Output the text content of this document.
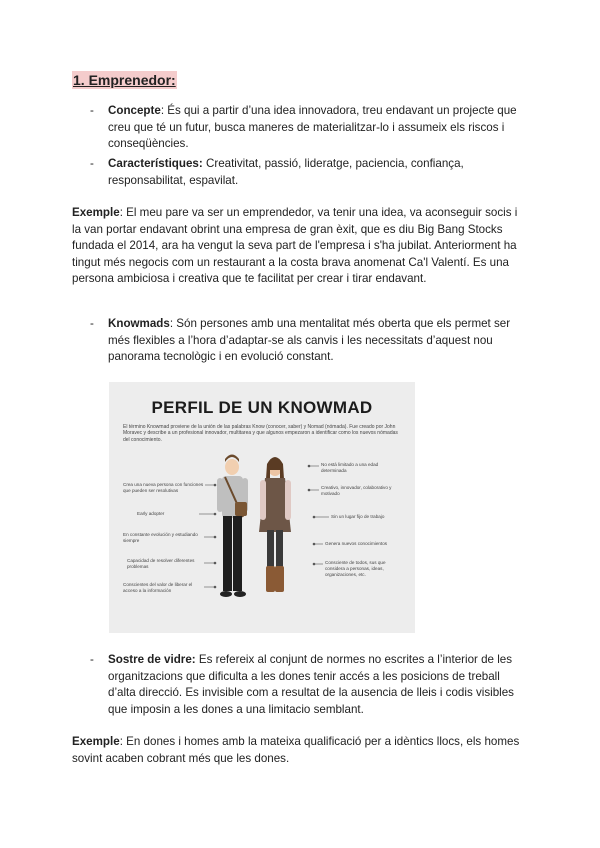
1. Emprenedor:
- Concepte: És qui a partir d’una idea innovadora, treu endavant un projecte que creu que té un futur, busca maneres de materialitzar-lo i assumeix els riscos i conseqüències.
- Característiques: Creativitat, passió, lideratge, paciencia, confiança, responsabilitat, espavilat.
Exemple: El meu pare va ser un emprendedor, va tenir una idea, va aconseguir socis i la van portar endavant obrint una empresa de gran èxit, que es diu Big Bang Stocks fundada el 2014, ara ha vengut la seva part de l'empresa i s'ha jubilat. Anteriorment ha tingut més negocis com un restaurant a la costa brava anomenat Ca'l Valentí. Es una persona ambiciosa i creativa que te facilitat per crear i tirar endavant.
- Knowmads: Són persones amb una mentalitat més oberta que els permet ser més flexibles a l’hora d’adaptar-se als canvis i les necessitats d’aquest nou panorama tecnològic i en evolució constant.
PERFIL DE UN KNOWMAD
El término Knowmad proviene de la unión de las palabras Know (conocer, saber) y Nomad (nómada). Fue creado por John Moravec y describe a un profesional innovador, multitarea y que algunos empezaron a identificar como los nuevos nómadas del conocimiento.
Crea una nueva persona con funciones que pueden ser resolutivas
Early adopter
En constante evolución y estudiando siempre
Capacidad de resolver diferentes problemas
Conscientes del valor de liberar el acceso a la información
No está limitado a una edad determinada
Creativo, innovador, colaborativo y motivado
Sin un lugar fijo de trabajo
Genera nuevos conocimientos
Consciente de todos, sus que considera a personas, ideas, organizaciones, etc.
- Sostre de vidre: Es refereix al conjunt de normes no escrites a l’interior de les organitzacions que dificulta a les dones tenir accés a les posicions de treball d’alta direcció. Es invisible com a resultat de la ausencia de lleis i codis visibles que imposin a les dones a una limitacio semblant.
Exemple: En dones i homes amb la mateixa qualificació per a idèntics llocs, els homes sovint acaben cobrant més que les dones.
